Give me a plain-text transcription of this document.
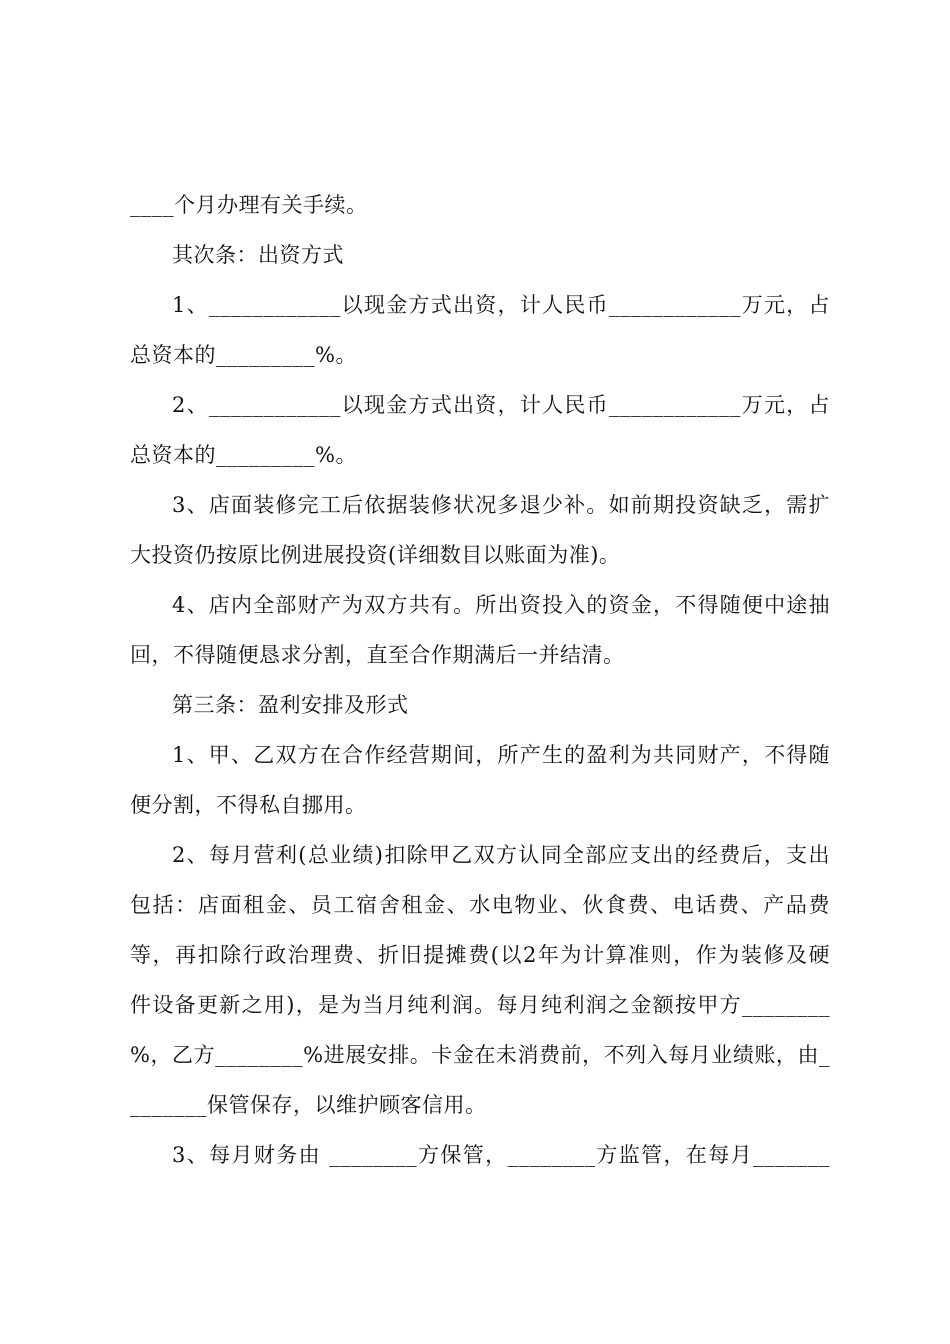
____个月办理有关手续。
其次条：出资方式
1、____________以现金方式出资，计人民币____________万元，占
总资本的_________%。
2、____________以现金方式出资，计人民币____________万元，占
总资本的_________%。
3、店面装修完工后依据装修状况多退少补。如前期投资缺乏，需扩
大投资仍按原比例进展投资(详细数目以账面为准)。
4、店内全部财产为双方共有。所出资投入的资金，不得随便中途抽
回，不得随便恳求分割，直至合作期满后一并结清。
第三条：盈利安排及形式
1、甲、乙双方在合作经营期间，所产生的盈利为共同财产，不得随
便分割，不得私自挪用。
2、每月营利(总业绩)扣除甲乙双方认同全部应支出的经费后，支出
包括：店面租金、员工宿舍租金、水电物业、伙食费、电话费、产品费
等，再扣除行政治理费、折旧提摊费(以2年为计算准则，作为装修及硬
件设备更新之用)，是为当月纯利润。每月纯利润之金额按甲方________
%，乙方________%进展安排。卡金在未消费前，不列入每月业绩账，由_
_______保管保存，以维护顾客信用。
3、每月财务由 ________方保管，________方监管，在每月_______
